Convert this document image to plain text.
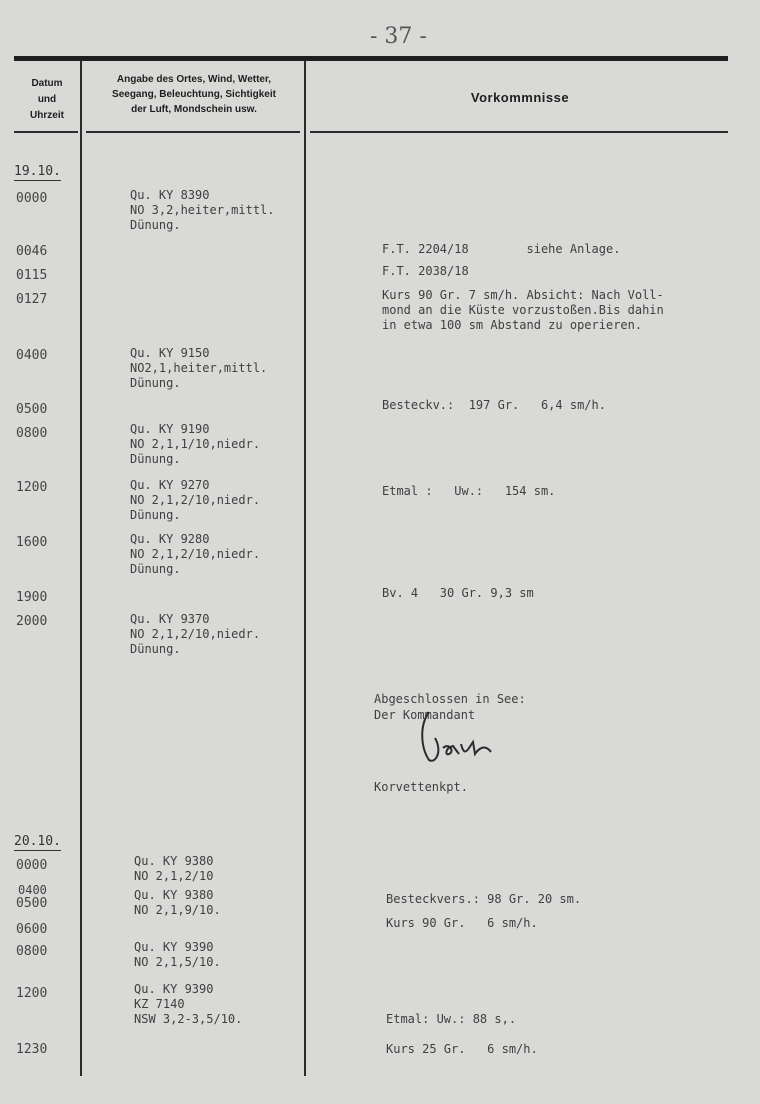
- 37 -
Datum
und
Uhrzeit
Angabe des Ortes, Wind, Wetter,
Seegang, Beleuchtung, Sichtigkeit
der Luft, Mondschein usw.
Vorkommnisse
19.10.
0000
0046
0115
0127
0400
0500
0800
1200
1600
1900
2000
Qu. KY 8390
NO 3,2,heiter,mittl.
Dünung.
Qu. KY 9150
NO2,1,heiter,mittl.
Dünung.
Qu. KY 9190
NO 2,1,1/10,niedr.
Dünung.
Qu. KY 9270
NO 2,1,2/10,niedr.
Dünung.
Qu. KY 9280
NO 2,1,2/10,niedr.
Dünung.
Qu. KY 9370
NO 2,1,2/10,niedr.
Dünung.
F.T. 2204/18        siehe Anlage.
F.T. 2038/18
Kurs 90 Gr. 7 sm/h. Absicht: Nach Voll-
mond an die Küste vorzustoßen.Bis dahin
in etwa 100 sm Abstand zu operieren.
Besteckv.:  197 Gr.   6,4 sm/h.
Etmal :   Uw.:   154 sm.
Bv. 4   30 Gr. 9,3 sm
Abgeschlossen in See:
Der Kommandant
Korvettenkpt.
20.10.
0000
0400
0500
0600
0800
1200
1230
Qu. KY 9380
NO 2,1,2/10
Qu. KY 9380
NO 2,1,9/10.
Qu. KY 9390
NO 2,1,5/10.
Qu. KY 9390
KZ 7140
NSW 3,2-3,5/10.
Besteckvers.: 98 Gr. 20 sm.
Kurs 90 Gr.   6 sm/h.
Etmal: Uw.: 88 s,.
Kurs 25 Gr.   6 sm/h.
